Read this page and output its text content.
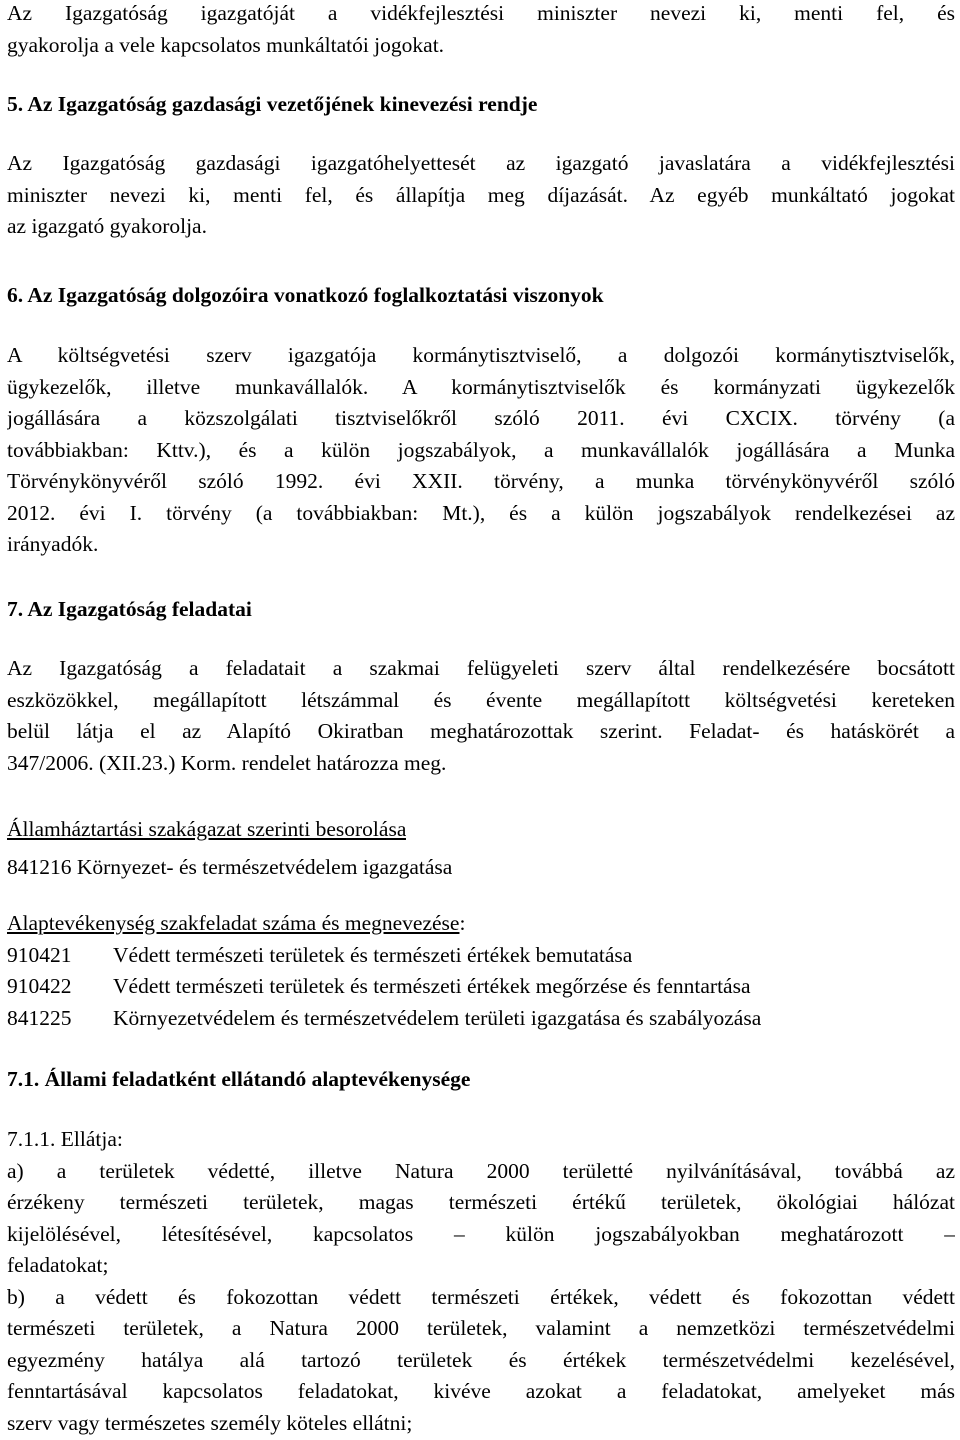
Az Igazgatóság igazgatóját a vidékfejlesztési miniszter nevezi ki, menti fel, és
gyakorolja a vele kapcsolatos munkáltatói jogokat.
5. Az Igazgatóság gazdasági vezetőjének kinevezési rendje
Az Igazgatóság gazdasági igazgatóhelyettesét az igazgató javaslatára a vidékfejlesztési
miniszter nevezi ki, menti fel, és állapítja meg díjazását. Az egyéb munkáltató jogokat
az igazgató gyakorolja.
6. Az Igazgatóság dolgozóira vonatkozó foglalkoztatási viszonyok
A költségvetési szerv igazgatója kormánytisztviselő, a dolgozói kormánytisztviselők,
ügykezelők, illetve munkavállalók. A kormánytisztviselők és kormányzati ügykezelők
jogállására a közszolgálati tisztviselőkről szóló 2011. évi CXCIX. törvény (a
továbbiakban: Kttv.), és a külön jogszabályok, a munkavállalók jogállására a Munka
Törvénykönyvéről szóló 1992. évi XXII. törvény, a munka törvénykönyvéről szóló
2012. évi I. törvény (a továbbiakban: Mt.), és a külön jogszabályok rendelkezései az
irányadók.
7. Az Igazgatóság feladatai
Az Igazgatóság a feladatait a szakmai felügyeleti szerv által rendelkezésére bocsátott
eszközökkel, megállapított létszámmal és évente megállapított költségvetési kereteken
belül látja el az Alapító Okiratban meghatározottak szerint. Feladat- és hatáskörét a
347/2006. (XII.23.) Korm. rendelet határozza meg.
Államháztartási szakágazat szerinti besorolása
841216 Környezet- és természetvédelem igazgatása
Alaptevékenység szakfeladat száma és megnevezése:
910421 Védett természeti területek és természeti értékek bemutatása
910422 Védett természeti területek és természeti értékek megőrzése és fenntartása
841225 Környezetvédelem és természetvédelem területi igazgatása és szabályozása
7.1. Állami feladatként ellátandó alaptevékenysége
7.1.1. Ellátja:
a) a területek védetté, illetve Natura 2000 területté nyilvánításával, továbbá az
érzékeny természeti területek, magas természeti értékű területek, ökológiai hálózat
kijelölésével, létesítésével, kapcsolatos – külön jogszabályokban meghatározott –
feladatokat;
b) a védett és fokozottan védett természeti értékek, védett és fokozottan védett
természeti területek, a Natura 2000 területek, valamint a nemzetközi természetvédelmi
egyezmény hatálya alá tartozó területek és értékek természetvédelmi kezelésével,
fenntartásával kapcsolatos feladatokat, kivéve azokat a feladatokat, amelyeket más
szerv vagy természetes személy köteles ellátni;
